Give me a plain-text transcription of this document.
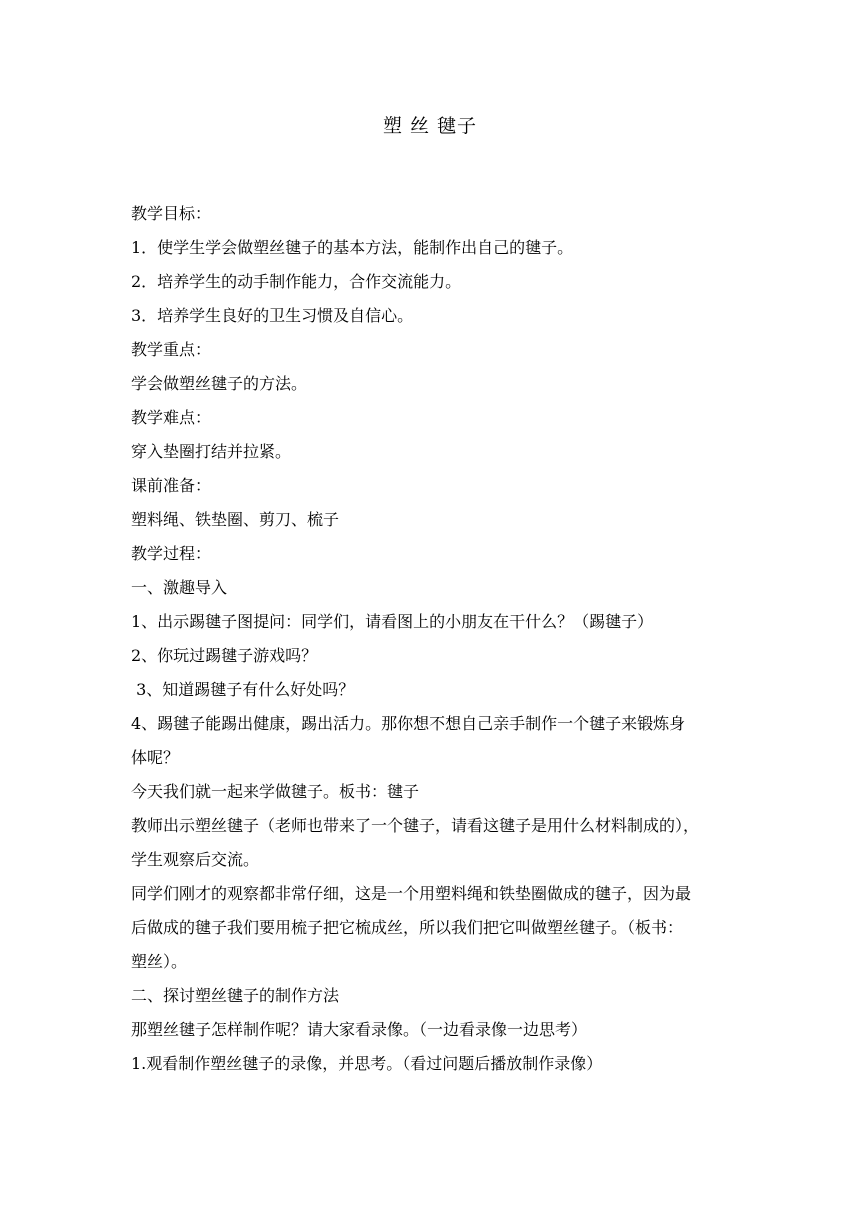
塑 丝 毽子
教学目标：
1．使学生学会做塑丝毽子的基本方法，能制作出自己的毽子。
2．培养学生的动手制作能力，合作交流能力。
3．培养学生良好的卫生习惯及自信心。
教学重点：
学会做塑丝毽子的方法。
教学难点：
穿入垫圈打结并拉紧。
课前准备：
塑料绳、铁垫圈、剪刀、梳子
教学过程：
一、激趣导入
1、出示踢毽子图提问：同学们，请看图上的小朋友在干什么？（踢毽子）
2、你玩过踢毽子游戏吗？
3、知道踢毽子有什么好处吗？
4、踢毽子能踢出健康，踢出活力。那你想不想自己亲手制作一个毽子来锻炼身
体呢？
今天我们就一起来学做毽子。板书：毽子
教师出示塑丝毽子（老师也带来了一个毽子，请看这毽子是用什么材料制成的），
学生观察后交流。
同学们刚才的观察都非常仔细，这是一个用塑料绳和铁垫圈做成的毽子，因为最
后做成的毽子我们要用梳子把它梳成丝，所以我们把它叫做塑丝毽子。（板书：
塑丝）。
二、探讨塑丝毽子的制作方法
那塑丝毽子怎样制作呢？请大家看录像。（一边看录像一边思考）
1.观看制作塑丝毽子的录像，并思考。（看过问题后播放制作录像）
